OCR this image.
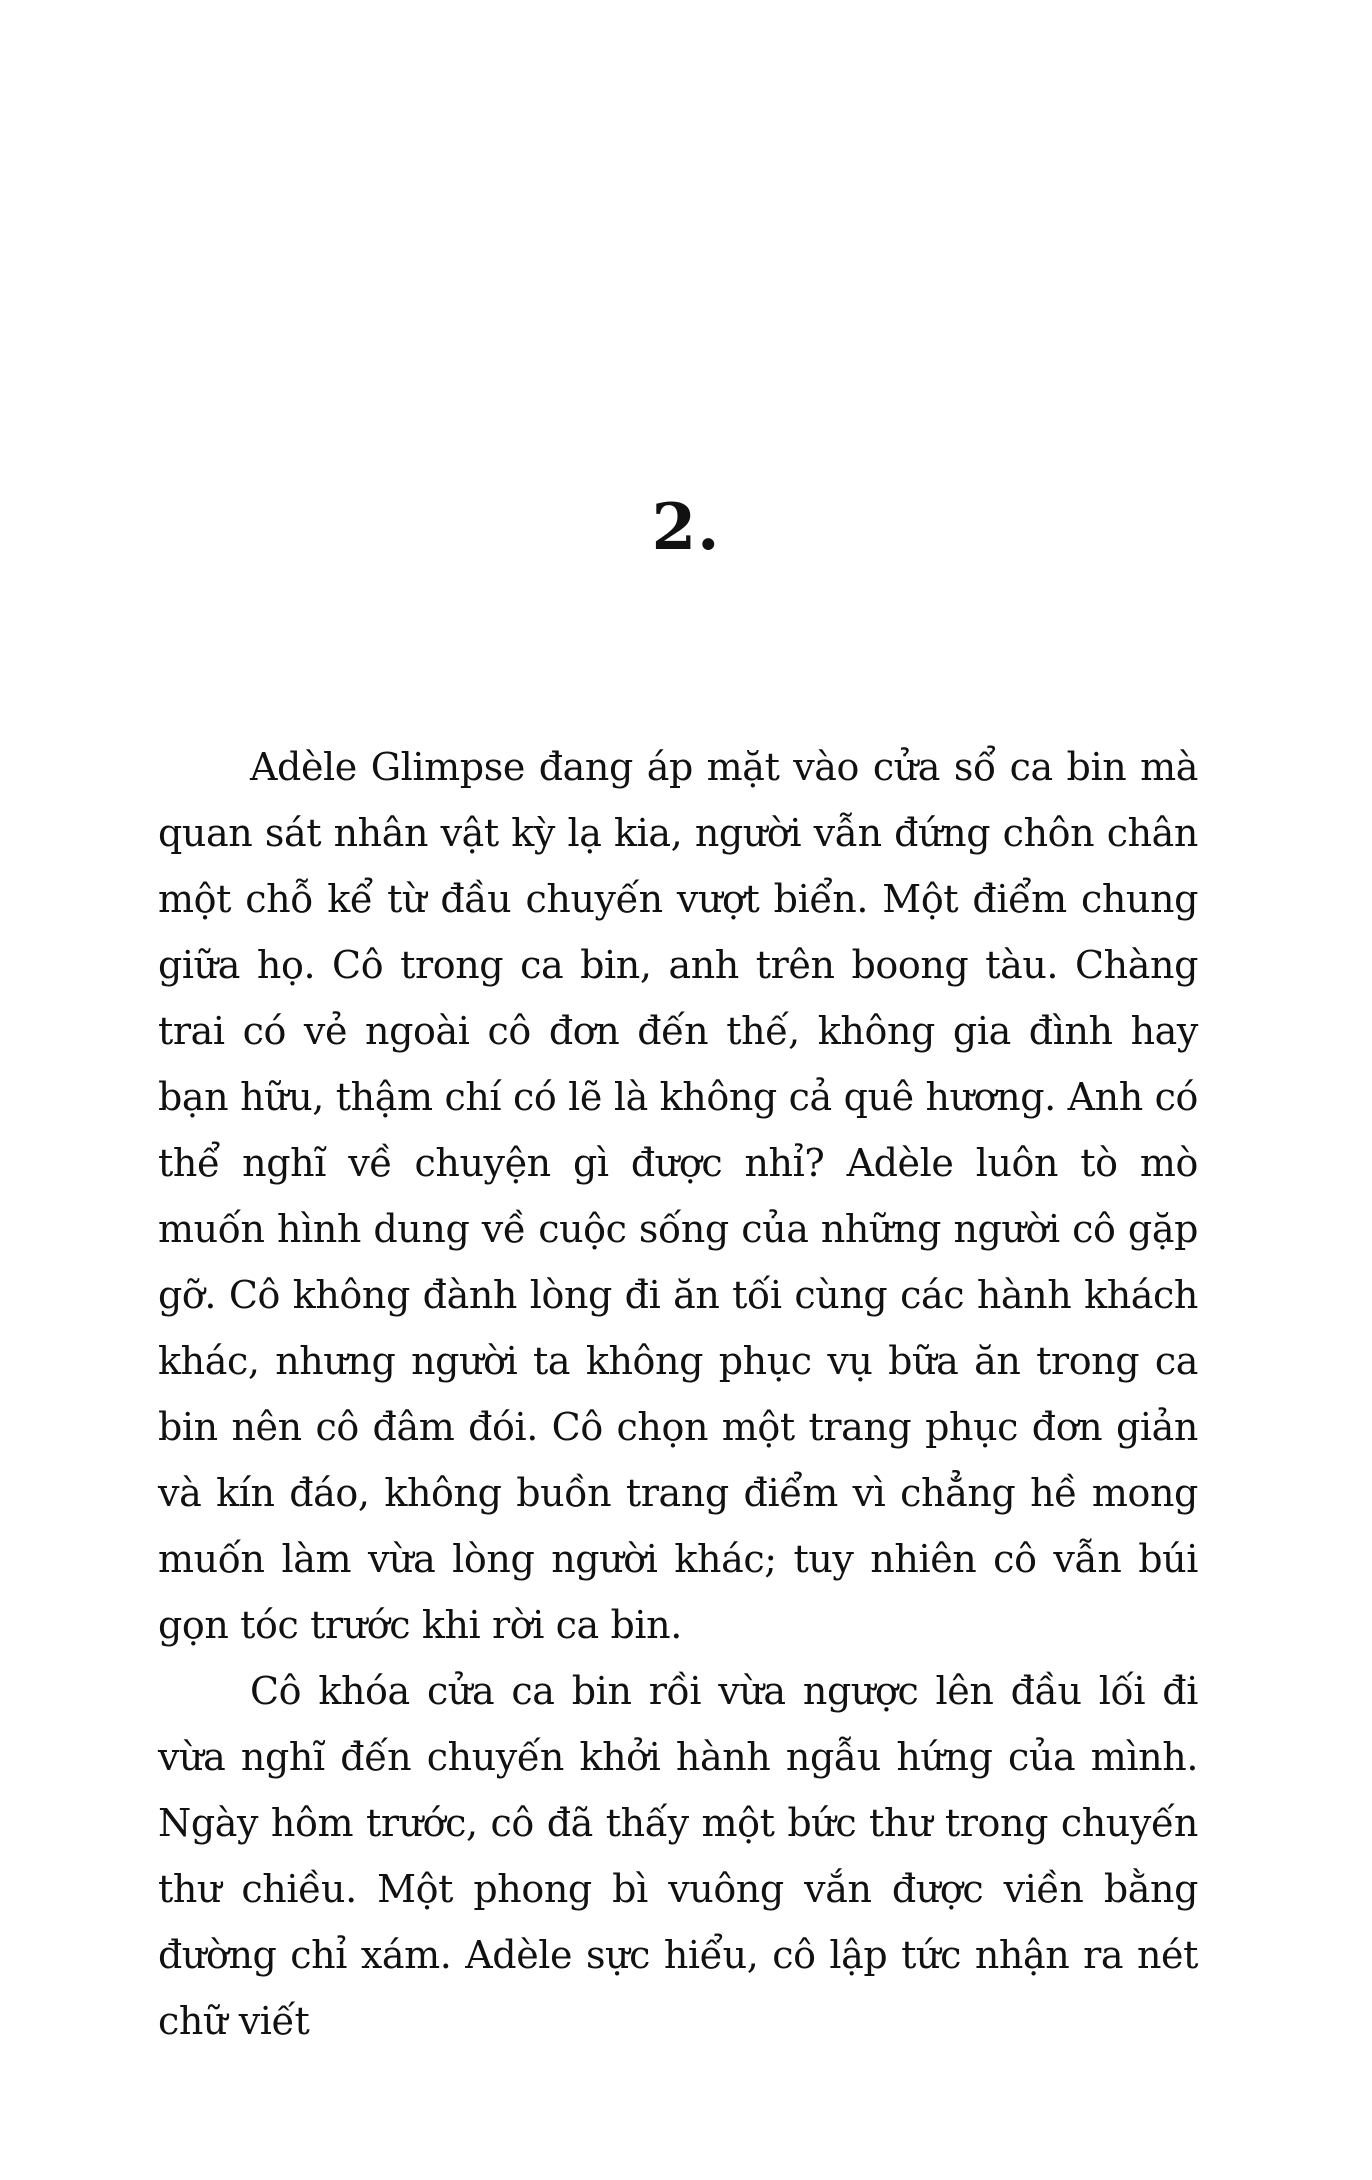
2.

Adèle Glimpse đang áp mặt vào cửa sổ ca bin mà quan sát nhân vật kỳ lạ kia, người vẫn đứng chôn chân một chỗ kể từ đầu chuyến vượt biển. Một điểm chung giữa họ. Cô trong ca bin, anh trên boong tàu. Chàng trai có vẻ ngoài cô đơn đến thế, không gia đình hay bạn hữu, thậm chí có lẽ là không cả quê hương. Anh có thể nghĩ về chuyện gì được nhỉ? Adèle luôn tò mò muốn hình dung về cuộc sống của những người cô gặp gỡ. Cô không đành lòng đi ăn tối cùng các hành khách khác, nhưng người ta không phục vụ bữa ăn trong ca bin nên cô đâm đói. Cô chọn một trang phục đơn giản và kín đáo, không buồn trang điểm vì chẳng hề mong muốn làm vừa lòng người khác; tuy nhiên cô vẫn búi gọn tóc trước khi rời ca bin.

Cô khóa cửa ca bin rồi vừa ngược lên đầu lối đi vừa nghĩ đến chuyến khởi hành ngẫu hứng của mình. Ngày hôm trước, cô đã thấy một bức thư trong chuyến thư chiều. Một phong bì vuông vắn được viền bằng đường chỉ xám. Adèle sực hiểu, cô lập tức nhận ra nét chữ viết
